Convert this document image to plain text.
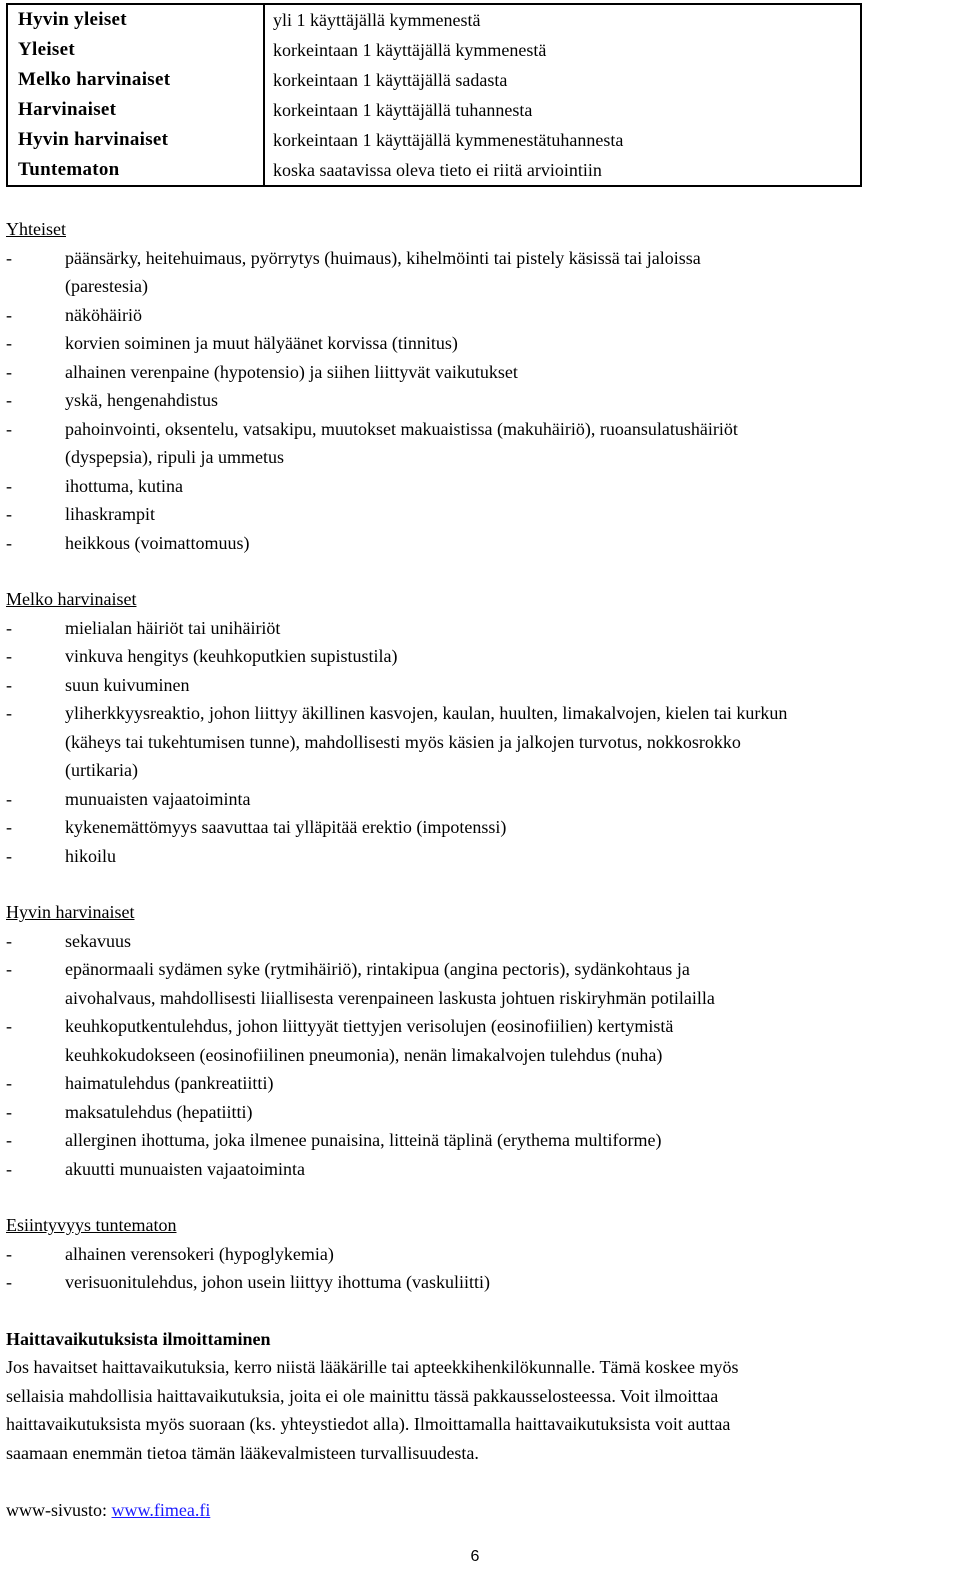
Hyvin yleiset	yli 1 käyttäjällä kymmenestä
Yleiset	korkeintaan 1 käyttäjällä kymmenestä
Melko harvinaiset	korkeintaan 1 käyttäjällä sadasta
Harvinaiset	korkeintaan 1 käyttäjällä tuhannesta
Hyvin harvinaiset	korkeintaan 1 käyttäjällä kymmenestätuhannesta
Tuntematon	koska saatavissa oleva tieto ei riitä arviointiin

Yhteiset

-	päänsärky, heitehuimaus, pyörrytys (huimaus), kihelmöinti tai pistely käsissä tai jaloissa
(parestesia)
-	näköhäiriö
-	korvien soiminen ja muut hälyäänet korvissa (tinnitus)
-	alhainen verenpaine (hypotensio) ja siihen liittyvät vaikutukset
-	yskä, hengenahdistus
-	pahoinvointi, oksentelu, vatsakipu, muutokset makuaistissa (makuhäiriö), ruoansulatushäiriöt
(dyspepsia), ripuli ja ummetus
-	ihottuma, kutina
-	lihaskrampit
-	heikkous (voimattomuus)

Melko harvinaiset

-	mielialan häiriöt tai unihäiriöt
-	vinkuva hengitys (keuhkoputkien supistustila)
-	suun kuivuminen
-	yliherkkyysreaktio, johon liittyy äkillinen kasvojen, kaulan, huulten, limakalvojen, kielen tai kurkun
(käheys tai tukehtumisen tunne), mahdollisesti myös käsien ja jalkojen turvotus, nokkosrokko
(urtikaria)
-	munuaisten vajaatoiminta
-	kykenemättömyys saavuttaa tai ylläpitää erektio (impotenssi)
-	hikoilu

Hyvin harvinaiset

-	sekavuus
-	epänormaali sydämen syke (rytmihäiriö), rintakipua (angina pectoris), sydänkohtaus ja
aivohalvaus, mahdollisesti liiallisesta verenpaineen laskusta johtuen riskiryhmän potilailla
-	keuhkoputkentulehdus, johon liittyyät tiettyjen verisolujen (eosinofiilien) kertymistä
keuhkokudokseen (eosinofiilinen pneumonia), nenän limakalvojen tulehdus (nuha)
-	haimatulehdus (pankreatiitti)
-	maksatulehdus (hepatiitti)
-	allerginen ihottuma, joka ilmenee punaisina, litteinä täplinä (erythema multiforme)
-	akuutti munuaisten vajaatoiminta

Esiintyvyys tuntematon

-	alhainen verensokeri (hypoglykemia)
-	verisuonitulehdus, johon usein liittyy ihottuma (vaskuliitti)

Haittavaikutuksista ilmoittaminen

Jos havaitset haittavaikutuksia, kerro niistä lääkärille tai apteekkihenkilökunnalle. Tämä koskee myös

sellaisia mahdollisia haittavaikutuksia, joita ei ole mainittu tässä pakkausselosteessa. Voit ilmoittaa

haittavaikutuksista myös suoraan (ks. yhteystiedot alla). Ilmoittamalla haittavaikutuksista voit auttaa

saamaan enemmän tietoa tämän lääkevalmisteen turvallisuudesta.

www-sivusto: www.fimea.fi
6
